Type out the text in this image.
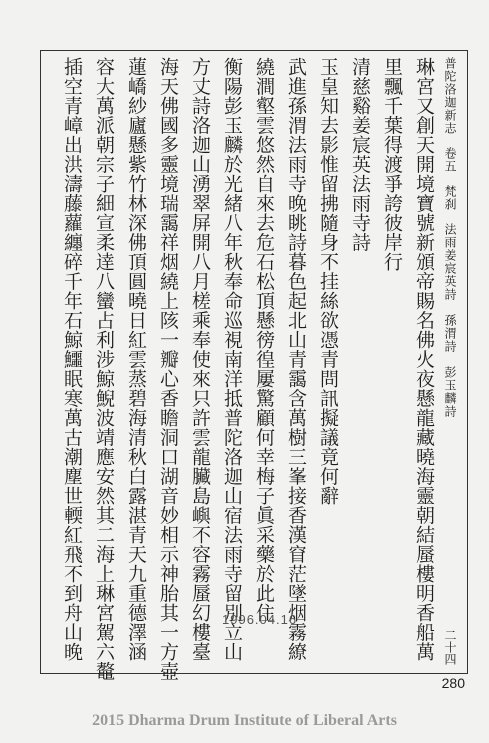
普陀洛迦新志卷五梵刹法雨姜宸英詩　孫渭詩　彭玉麟詩
琳宮又創天開境寶號新頒帝賜名佛火夜懸龍藏曉海靈朝結蜃樓明香船萬
里飄千葉得渡爭誇彼岸行
清慈谿姜宸英法雨寺詩
玉皇知去影惟留拂隨身不挂絲欲憑青問訊擬議竟何辭
武進孫渭法雨寺晚眺詩暮色起北山青靄含萬樹三峯接香漢窅茫墜烟霧繚
繞澗壑雲悠然自來去危石松頂懸徬徨屢驚顧何幸梅子眞采藥於此住
衡陽彭玉麟於光緒八年秋奉命巡視南洋抵普陀洛迦山宿法雨寺留別立山
方丈詩洛迦山湧翠屏開八月槎乘奉使來只許雲龍臟島嶼不容霧蜃幻樓臺
海天佛國多靈境瑞靄祥烟繞上陔一瓣心香瞻洞口湖音妙相示神胎其一方壺
蓮嶠紗廬懸紫竹林深佛頂圓曉日紅雲蒸碧海清秋白露湛青天九重德澤涵
容大萬派朝宗子細宣柔逹八蠻占利涉鯨鯢波靖應安然其二海上琳宮駕六鼇
插空青嶂出洪濤藤蘿纏碎千年石鯨鱷眠寒萬古潮塵世輭紅飛不到舟山晚	二十四
1996.04.16
280
2015 Dharma Drum Institute of Liberal Arts
